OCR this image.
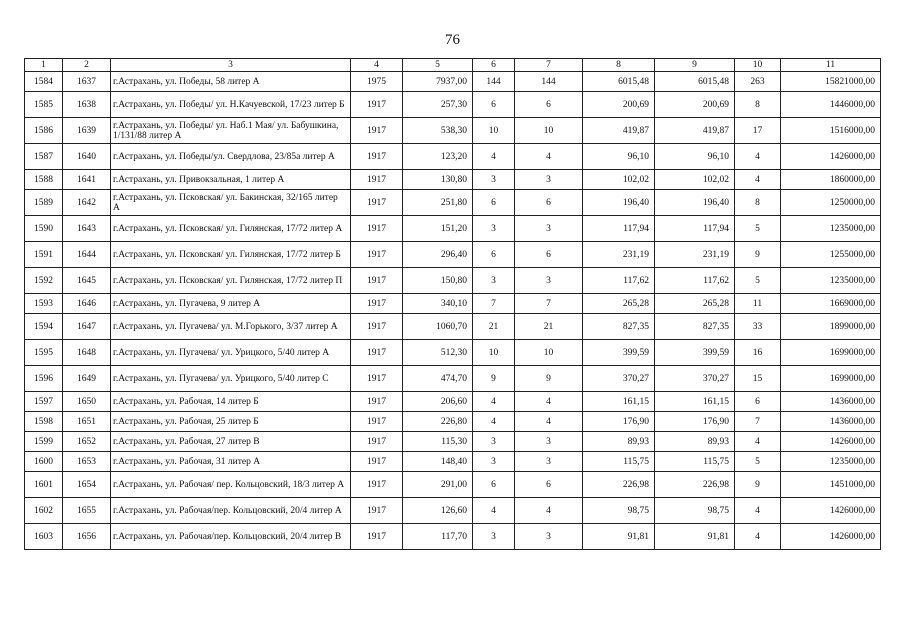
76
1	2	3	4	5	6	7	8	9	10	11
1584	1637	г.Астрахань, ул. Победы, 58 литер А	1975	7937,00	144	144	6015,48	6015,48	263	15821000,00
1585	1638	г.Астрахань, ул. Победы/ ул. Н.Качуевской, 17/23 литер Б	1917	257,30	6	6	200,69	200,69	8	1446000,00
1586	1639	г.Астрахань, ул. Победы/ ул. Наб.1 Мая/ ул. Бабушкина, 1/131/88 литер А	1917	538,30	10	10	419,87	419,87	17	1516000,00
1587	1640	г.Астрахань, ул. Победы/ул. Свердлова, 23/85а литер А	1917	123,20	4	4	96,10	96,10	4	1426000,00
1588	1641	г.Астрахань, ул. Привокзальная, 1 литер А	1917	130,80	3	3	102,02	102,02	4	1860000,00
1589	1642	г.Астрахань, ул. Псковская/ ул. Бакинская, 32/165 литер А	1917	251,80	6	6	196,40	196,40	8	1250000,00
1590	1643	г.Астрахань, ул. Псковская/ ул. Гилянская, 17/72 литер А	1917	151,20	3	3	117,94	117,94	5	1235000,00
1591	1644	г.Астрахань, ул. Псковская/ ул. Гилянская, 17/72 литер Б	1917	296,40	6	6	231,19	231,19	9	1255000,00
1592	1645	г.Астрахань, ул. Псковская/ ул. Гилянская, 17/72 литер П	1917	150,80	3	3	117,62	117,62	5	1235000,00
1593	1646	г.Астрахань, ул. Пугачева, 9 литер А	1917	340,10	7	7	265,28	265,28	11	1669000,00
1594	1647	г.Астрахань, ул. Пугачева/ ул. М.Горького, 3/37 литер А	1917	1060,70	21	21	827,35	827,35	33	1899000,00
1595	1648	г.Астрахань, ул. Пугачева/ ул. Урицкого, 5/40 литер А	1917	512,30	10	10	399,59	399,59	16	1699000,00
1596	1649	г.Астрахань, ул. Пугачева/ ул. Урицкого, 5/40 литер С	1917	474,70	9	9	370,27	370,27	15	1699000,00
1597	1650	г.Астрахань, ул. Рабочая, 14 литер Б	1917	206,60	4	4	161,15	161,15	6	1436000,00
1598	1651	г.Астрахань, ул. Рабочая, 25 литер Б	1917	226,80	4	4	176,90	176,90	7	1436000,00
1599	1652	г.Астрахань, ул. Рабочая, 27 литер В	1917	115,30	3	3	89,93	89,93	4	1426000,00
1600	1653	г.Астрахань, ул. Рабочая, 31 литер А	1917	148,40	3	3	115,75	115,75	5	1235000,00
1601	1654	г.Астрахань, ул. Рабочая/ пер. Кольцовский, 18/3 литер А	1917	291,00	6	6	226,98	226,98	9	1451000,00
1602	1655	г.Астрахань, ул. Рабочая/пер. Кольцовский, 20/4 литер А	1917	126,60	4	4	98,75	98,75	4	1426000,00
1603	1656	г.Астрахань, ул. Рабочая/пер. Кольцовский, 20/4 литер В	1917	117,70	3	3	91,81	91,81	4	1426000,00
